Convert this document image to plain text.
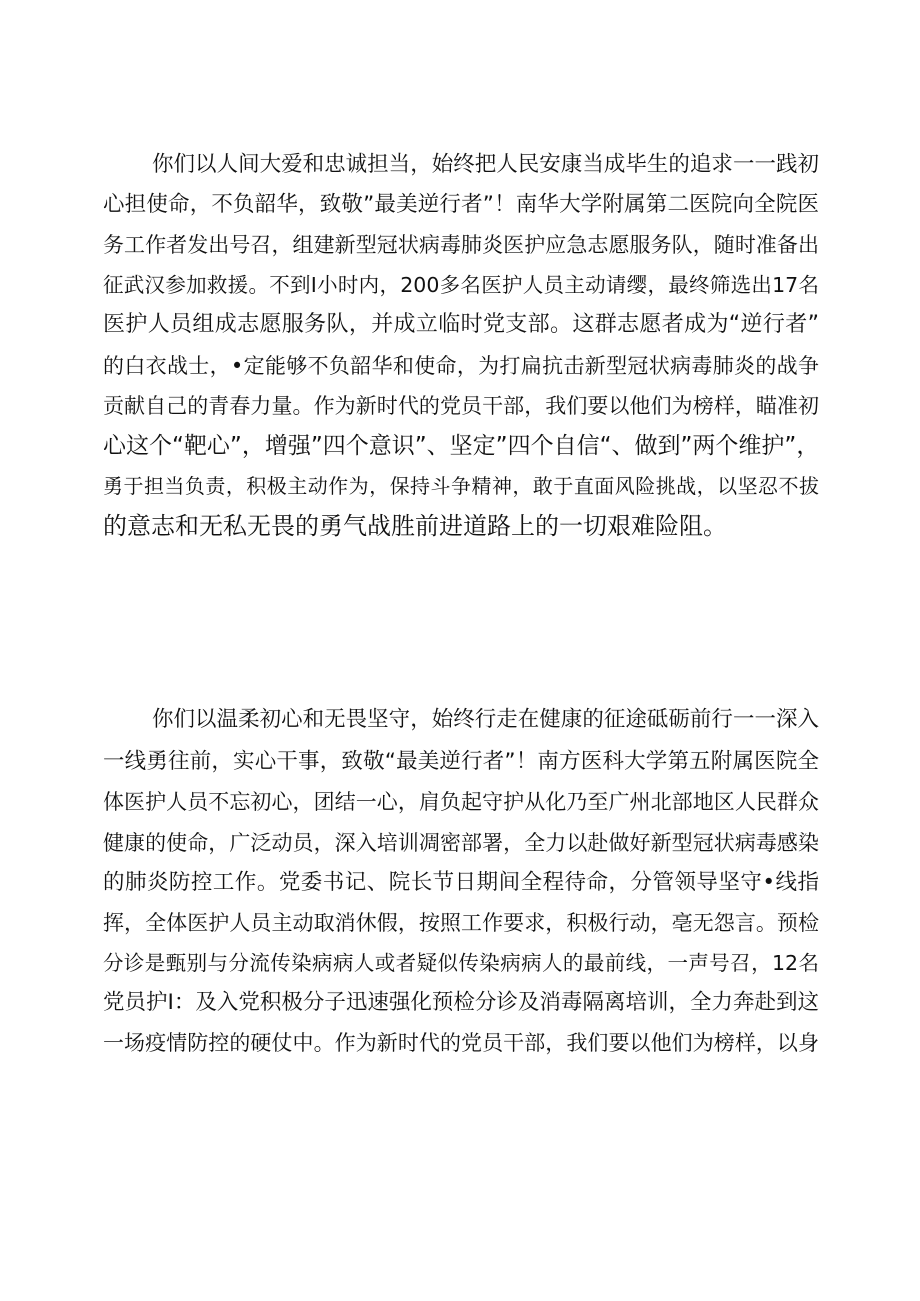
你们以人间大爱和忠诚担当，始终把人民安康当成毕生的追求一一践初
心担使命，不负韶华，致敬”最美逆行者”！南华大学附属第二医院向全院医
务工作者发出号召，组建新型冠状病毒肺炎医护应急志愿服务队，随时准备出
征武汉参加救援。不到I小时内，200多名医护人员主动请缨，最终筛选出17名
医护人员组成志愿服务队，并成立临时党支部。这群志愿者成为“逆行者”
的白衣战士，•定能够不负韶华和使命，为打扁抗击新型冠状病毒肺炎的战争
贡献自己的青春力量。作为新时代的党员干部，我们要以他们为榜样，瞄准初
心这个“靶心”，增强”四个意识”、坚定”四个自信“、做到”两个维护”，
勇于担当负责，积极主动作为，保持斗争精神，敢于直面风险挑战，以坚忍不拔
的意志和无私无畏的勇气战胜前进道路上的一切艰难险阻。
你们以温柔初心和无畏坚守，始终行走在健康的征途砥砺前行一一深入
一线勇往前，实心干事，致敬“最美逆行者”！南方医科大学第五附属医院全
体医护人员不忘初心，团结一心，肩负起守护从化乃至广州北部地区人民群众
健康的使命，广泛动员，深入培训凋密部署，全力以赴做好新型冠状病毒感染
的肺炎防控工作。党委书记、院长节日期间全程待命，分管领导坚守•线指
挥，全体医护人员主动取消休假，按照工作要求，积极行动，亳无怨言。预检
分诊是甄别与分流传染病病人或者疑似传染病病人的最前线，一声号召，12名
党员护I：及入党积极分子迅速强化预检分诊及消毒隔离培训，全力奔赴到这
一场疫情防控的硬仗中。作为新时代的党员干部，我们要以他们为榜样，以身
